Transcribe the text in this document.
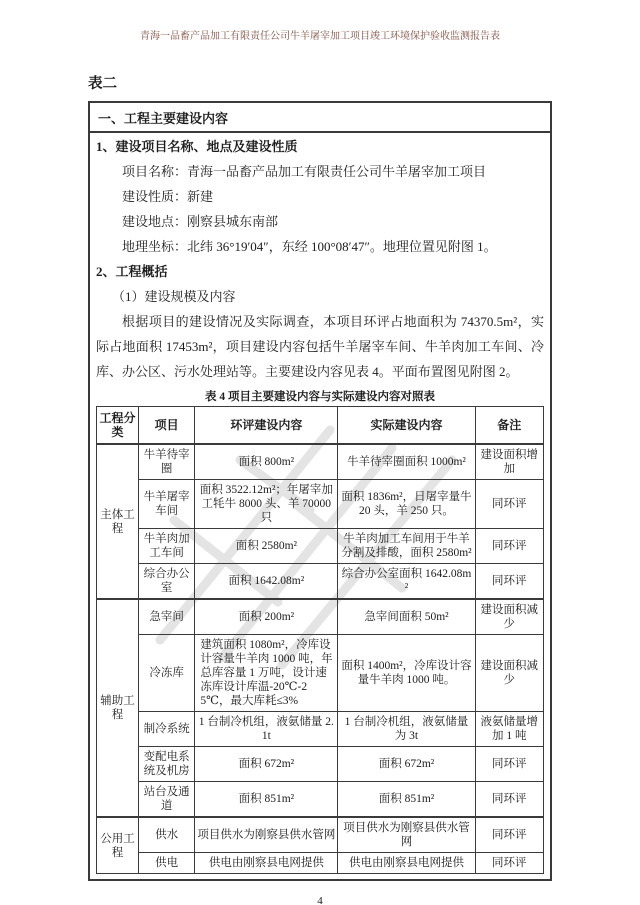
青海一品畜产品加工有限责任公司牛羊屠宰加工项目竣工环境保护验收监测报告表
表二
一、工程主要建设内容
1、建设项目名称、地点及建设性质
项目名称：青海一品畜产品加工有限责任公司牛羊屠宰加工项目
建设性质：新建
建设地点：刚察县城东南部
地理坐标：北纬 36°19′04″，东经 100°08′47″。地理位置见附图 1。
2、工程概括
（1）建设规模及内容

根据项目的建设情况及实际调查，本项目环评占地面积为 74370.5m²，实际占地面积 17453m²，项目建设内容包括牛羊屠宰车间、牛羊肉加工车间、冷库、办公区、污水处理站等。主要建设内容见表 4。平面布置图见附图 2。

表 4 项目主要建设内容与实际建设内容对照表
工程分类	项目	环评建设内容	实际建设内容	备注
主体工程	牛羊待宰圈	面积 800m²	牛羊待宰圈面积 1000m²	建设面积增加
	牛羊屠宰车间	面积 3522.12m²；年屠宰加工牦牛 8000 头、羊 70000 只	面积 1836m²，日屠宰量牛 20 头，羊 250 只。	同环评
	牛羊肉加工车间	面积 2580m²	牛羊肉加工车间用于牛羊分割及排酸，面积 2580m²	同环评
	综合办公室	面积 1642.08m²	综合办公室面积 1642.08m²	同环评
辅助工程	急宰间	面积 200m²	急宰间面积 50m²	建设面积减少
	冷冻库	建筑面积 1080m²，冷库设计容量牛羊肉 1000 吨，年总库容量 1 万吨，设计速冻库设计库温-20℃-25℃，最大库耗≤3%	面积 1400m²，冷库设计容量牛羊肉 1000 吨。	建设面积减少
	制冷系统	1 台制冷机组，液氨储量 2.1t	1 台制冷机组，液氨储量为 3t	液氨储量增加 1 吨
	变配电系统及机房	面积 672m²	面积 672m²	同环评
	站台及通道	面积 851m²	面积 851m²	同环评
公用工程	供水	项目供水为刚察县供水管网	项目供水为刚察县供水管网	同环评
	供电	供电由刚察县电网提供	供电由刚察县电网提供	同环评
4
